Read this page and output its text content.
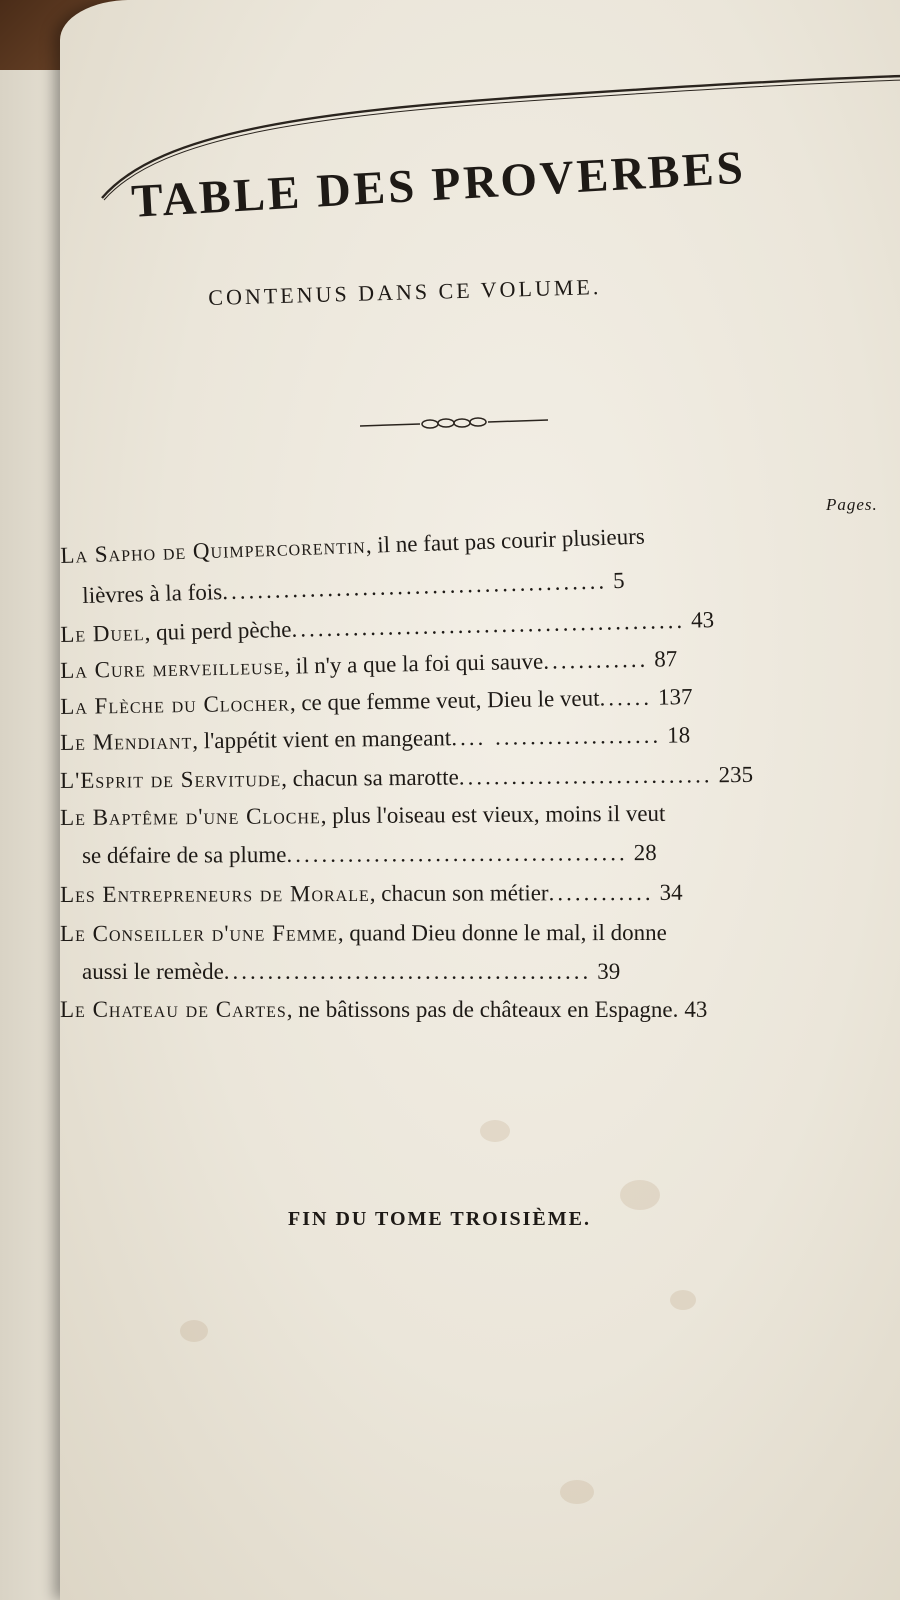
TABLE DES PROVERBES
CONTENUS DANS CE VOLUME.
Pages.
La Sapho de Quimpercorentin, il ne faut pas courir plusieurs
lièvres à la fois............................................ 5
Le Duel, qui perd pèche............................................. 43
La Cure merveilleuse, il n'y a que la foi qui sauve............ 87
La Flèche du Clocher, ce que femme veut, Dieu le veut...... 137
Le Mendiant, l'appétit vient en mangeant.... ................... 18
L'Esprit de Servitude, chacun sa marotte............................. 235
Le Baptême d'une Cloche, plus l'oiseau est vieux, moins il veut
se défaire de sa plume....................................... 28
Les Entrepreneurs de Morale, chacun son métier............ 34
Le Conseiller d'une Femme, quand Dieu donne le mal, il donne
aussi le remède.......................................... 39
Le Chateau de Cartes, ne bâtissons pas de châteaux en Espagne. 43
FIN DU TOME TROISIÈME.
